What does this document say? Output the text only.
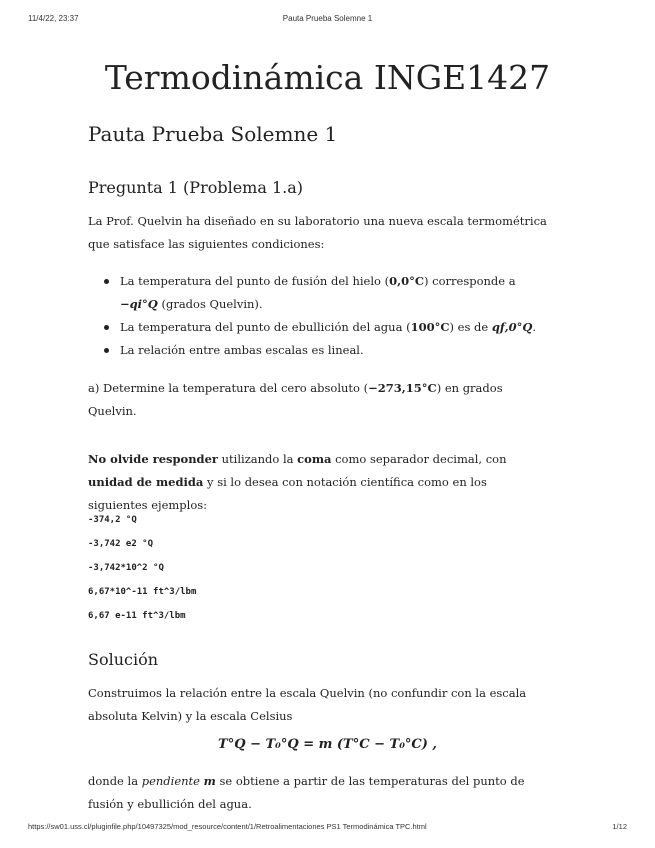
11/4/22, 23:37	Pauta Prueba Solemne 1
Termodinámica INGE1427
Pauta Prueba Solemne 1
Pregunta 1 (Problema 1.a)

La Prof. Quelvin ha diseñado en su laboratorio una nueva escala termométrica que satisface las siguientes condiciones:

La temperatura del punto de fusión del hielo (0,0°C) corresponde a −qi°Q (grados Quelvin).
La temperatura del punto de ebullición del agua (100°C) es de qf,0°Q.
La relación entre ambas escalas es lineal.

a) Determine la temperatura del cero absoluto (−273,15°C) en grados Quelvin.

No olvide responder utilizando la coma como separador decimal, con unidad de medida y si lo desea con notación científica como en los siguientes ejemplos:

-374,2 °Q
-3,742 e2 °Q
-3,742*10^2 °Q
6,67*10^-11 ft^3/lbm
6,67 e-11 ft^3/lbm
Solución

Construimos la relación entre la escala Quelvin (no confundir con la escala absoluta Kelvin) y la escala Celsius

T°Q − T₀°Q = m (T°C − T₀°C) ,

donde la pendiente m se obtiene a partir de las temperaturas del punto de fusión y ebullición del agua.

https://sw01.uss.cl/pluginfile.php/10497325/mod_resource/content/1/Retroalimentaciones PS1 Termodinámica TPC.html	1/12
